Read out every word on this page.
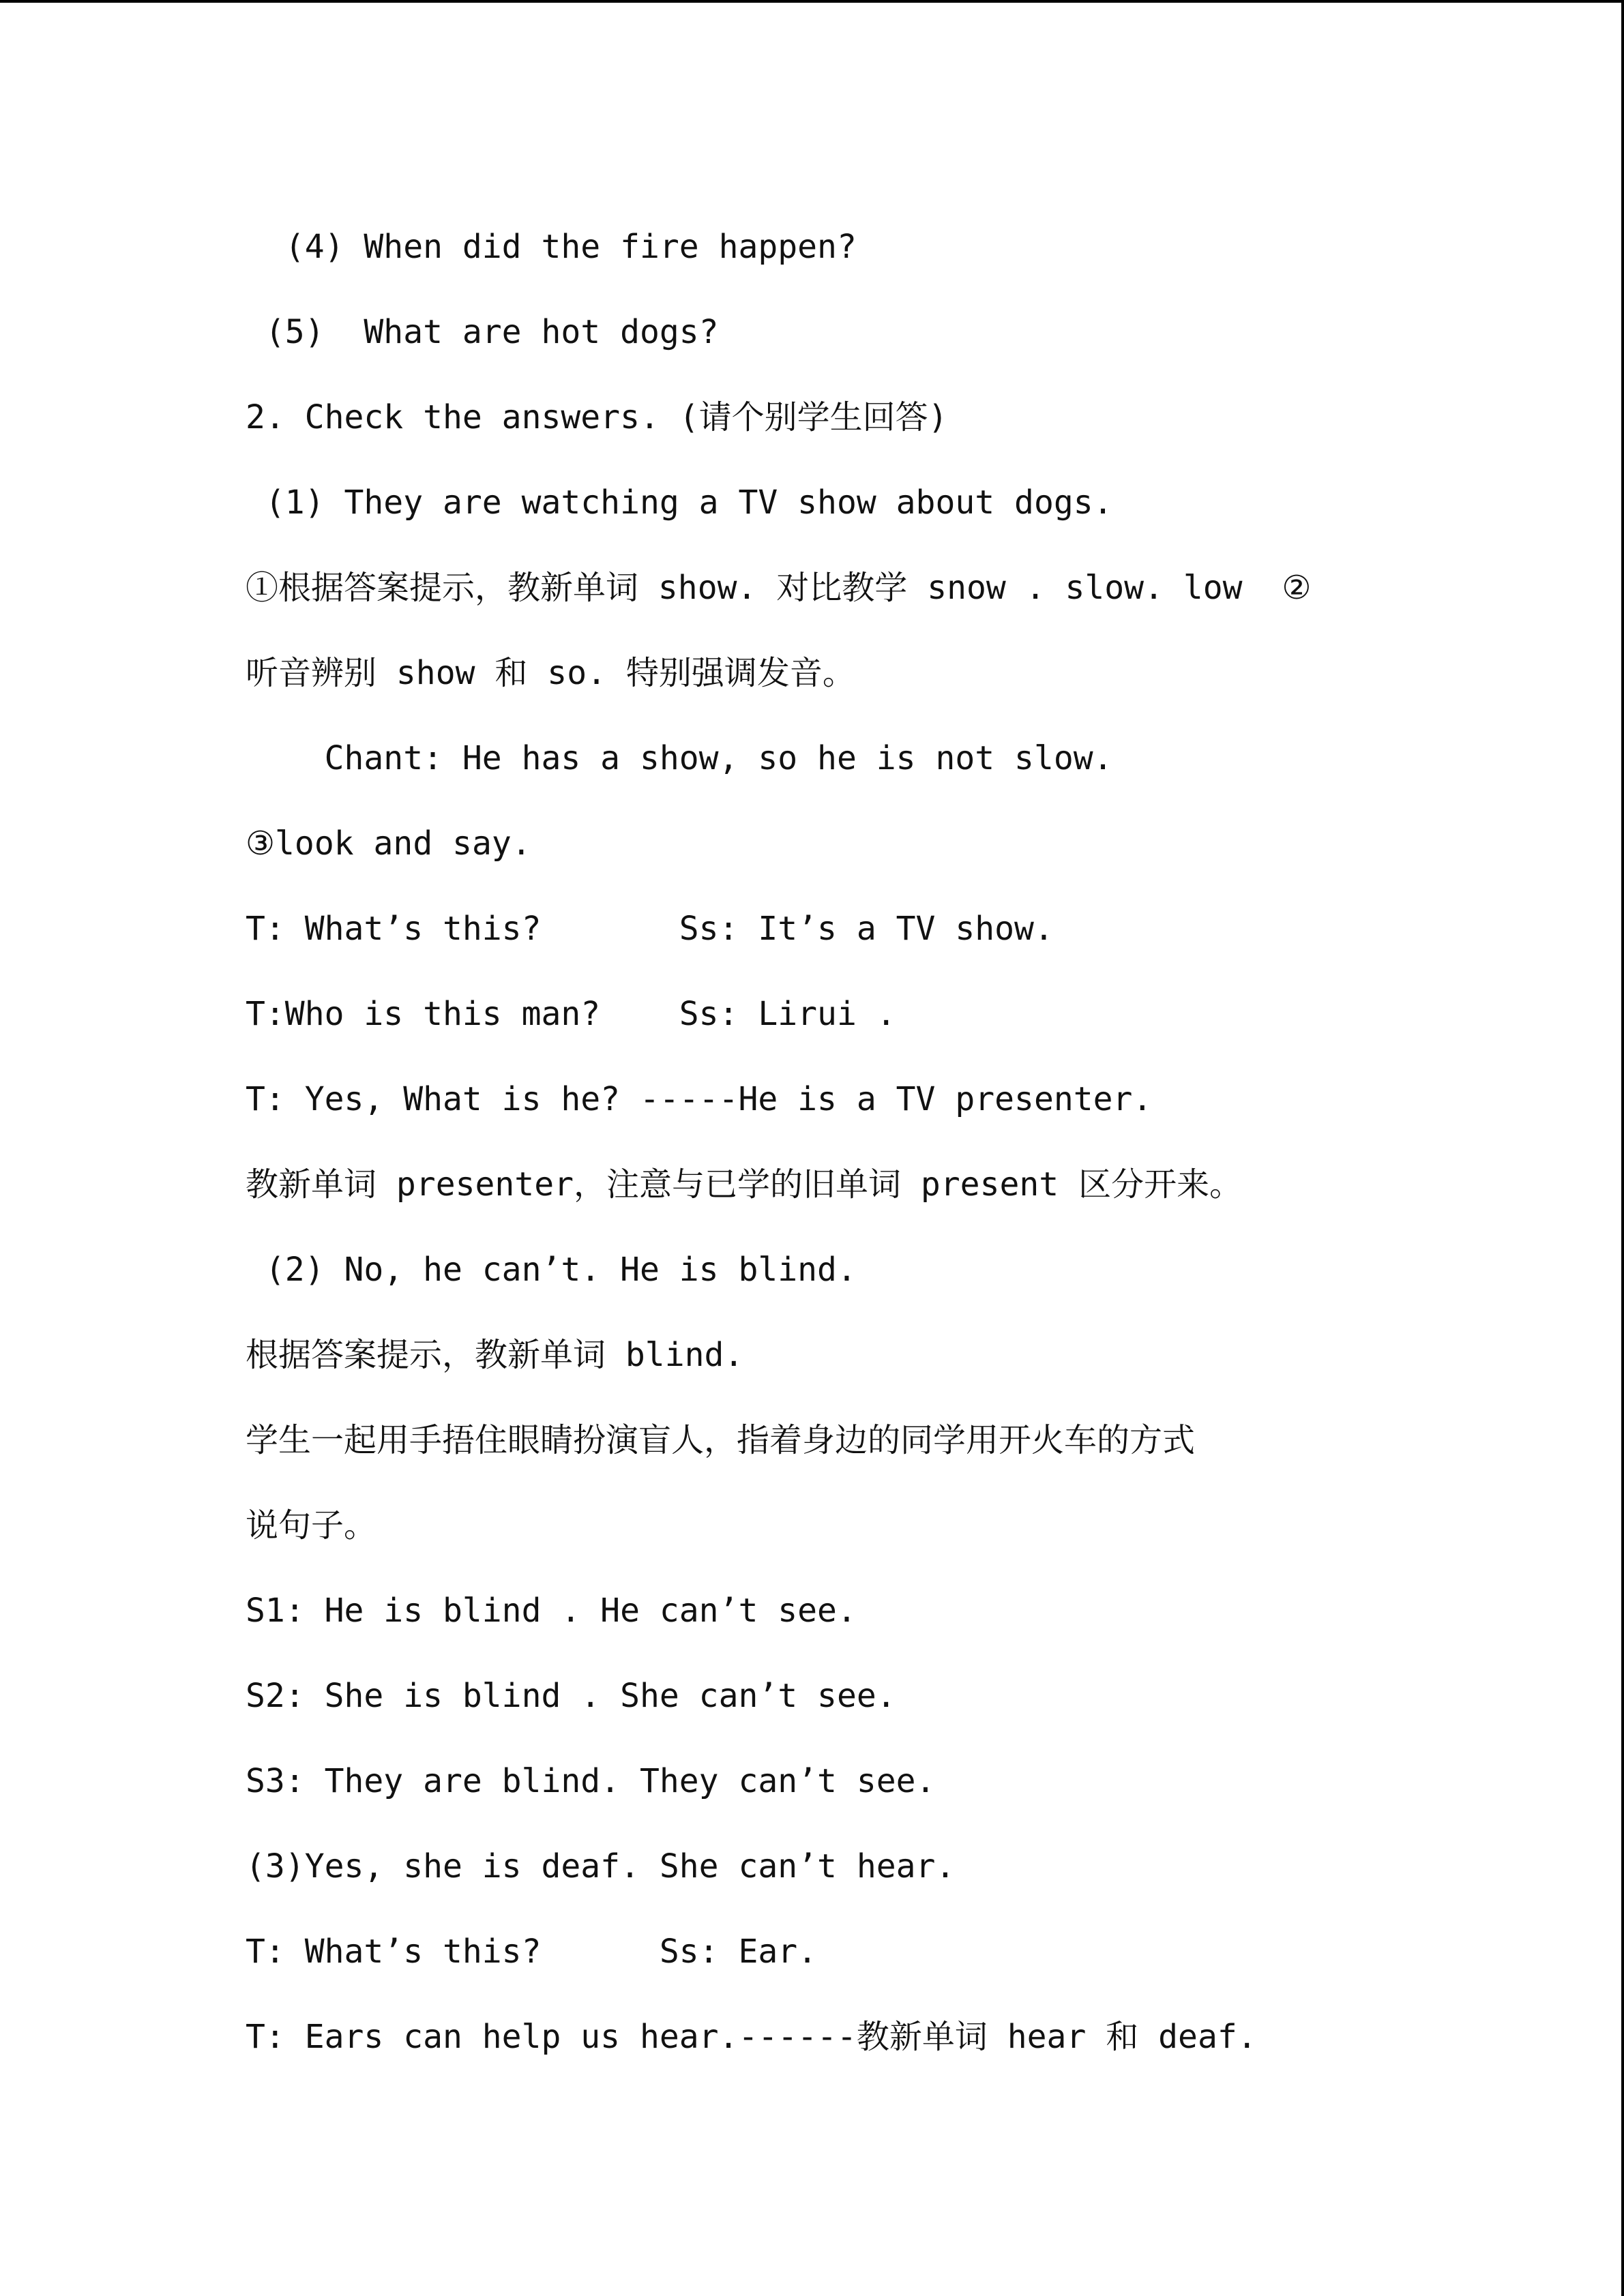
(4) When did the fire happen?
(5)  What are hot dogs?
2. Check the answers. (请个别学生回答)
(1) They are watching a TV show about dogs.
①根据答案提示，教新单词 show. 对比教学 snow . slow. low  ②
听音辨别 show 和 so. 特别强调发音。
Chant: He has a show, so he is not slow.
③look and say.
T: What’s this?       Ss: It’s a TV show.
T:Who is this man?    Ss: Lirui .
T: Yes, What is he? -----He is a TV presenter.
教新单词 presenter，注意与已学的旧单词 present 区分开来。
(2) No, he can’t. He is blind.
根据答案提示，教新单词 blind.
学生一起用手捂住眼睛扮演盲人，指着身边的同学用开火车的方式
说句子。
S1: He is blind . He can’t see.
S2: She is blind . She can’t see.
S3: They are blind. They can’t see.
(3)Yes, she is deaf. She can’t hear.
T: What’s this?      Ss: Ear.
T: Ears can help us hear.------教新单词 hear 和 deaf.
